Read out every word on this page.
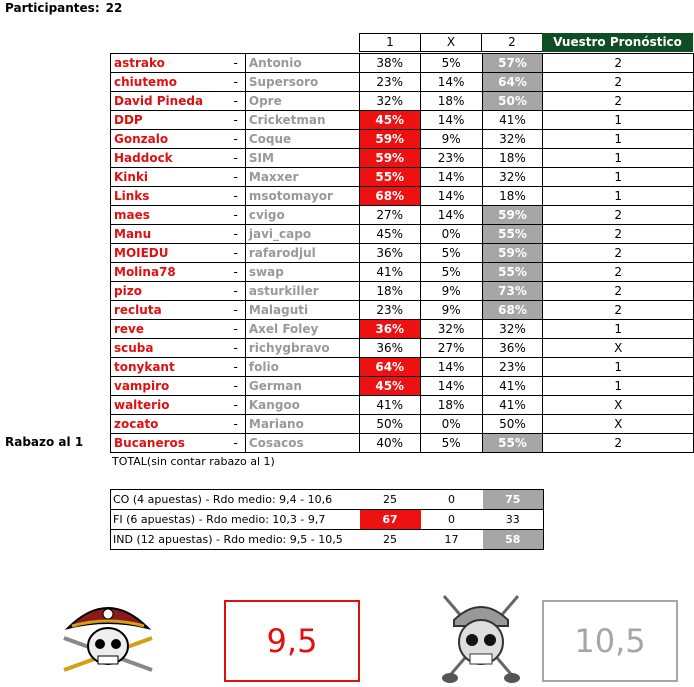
Participantes: 22
1	X	2	Vuestro Pronóstico
astrako	-	Antonio	38%	5%	57%	2
chiutemo	-	Supersoro	23%	14%	64%	2
David Pineda	-	Opre	32%	18%	50%	2
DDP	-	Cricketman	45%	14%	41%	1
Gonzalo	-	Coque	59%	9%	32%	1
Haddock	-	SIM	59%	23%	18%	1
Kinki	-	Maxxer	55%	14%	32%	1
Links	-	msotomayor	68%	14%	18%	1
maes	-	cvigo	27%	14%	59%	2
Manu	-	javi_capo	45%	0%	55%	2
MOIEDU	-	rafarodjul	36%	5%	59%	2
Molina78	-	swap	41%	5%	55%	2
pizo	-	asturkiller	18%	9%	73%	2
recluta	-	Malaguti	23%	9%	68%	2
reve	-	Axel Foley	36%	32%	32%	1
scuba	-	richygbravo	36%	27%	36%	X
tonykant	-	folio	64%	14%	23%	1
vampiro	-	German	45%	14%	41%	1
walterio	-	Kangoo	41%	18%	41%	X
zocato	-	Mariano	50%	0%	50%	X
Bucaneros	-	Cosacos	40%	5%	55%	2
Rabazo al 1
TOTAL(sin contar rabazo al 1)
CO (4 apuestas) - Rdo medio: 9,4 - 10,6	25	0	75
FI (6 apuestas) - Rdo medio: 10,3 - 9,7	67	0	33
IND (12 apuestas) - Rdo medio: 9,5 - 10,5	25	17	58
9,5	10,5
